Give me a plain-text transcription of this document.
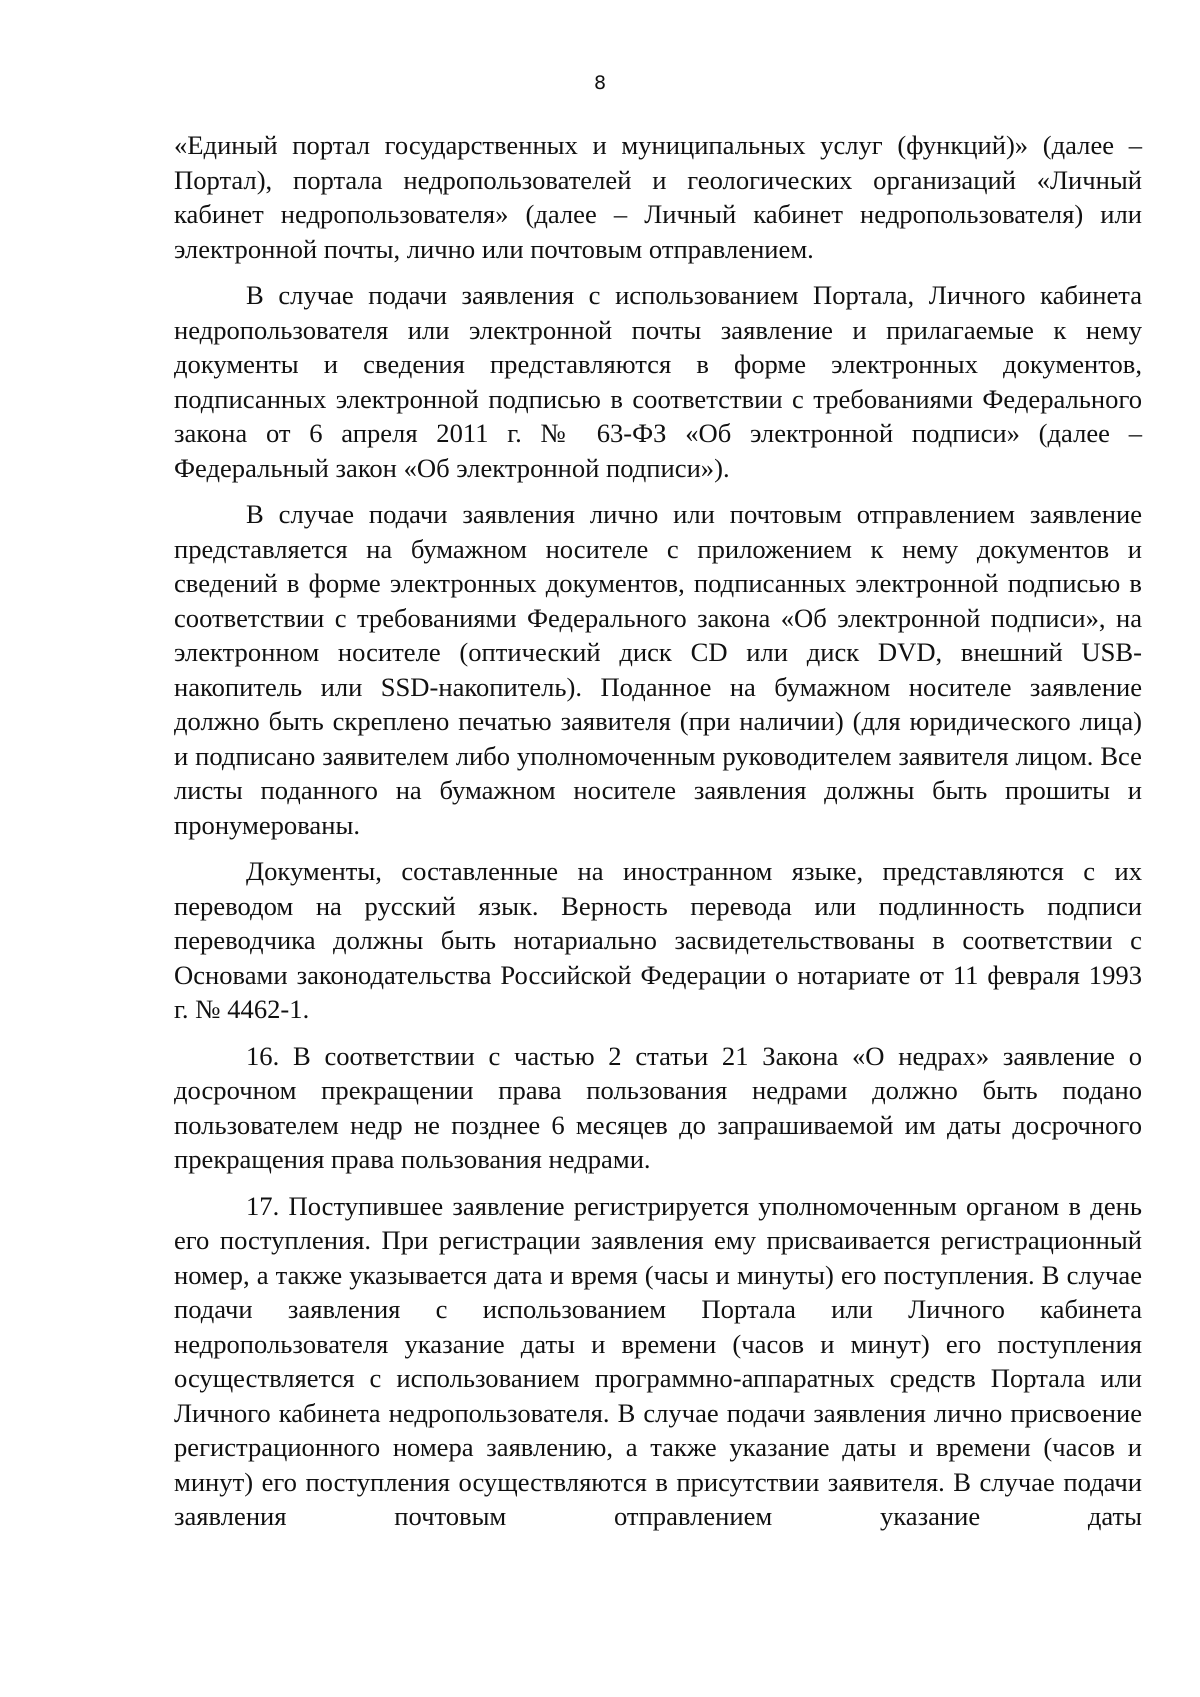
8

«Единый портал государственных и муниципальных услуг (функций)» (далее – Портал), портала недропользователей и геологических организаций «Личный кабинет недропользователя» (далее – Личный кабинет недропользователя) или электронной почты, лично или почтовым отправлением.

В случае подачи заявления с использованием Портала, Личного кабинета недропользователя или электронной почты заявление и прилагаемые к нему документы и сведения представляются в форме электронных документов, подписанных электронной подписью в соответствии с требованиями Федерального закона от 6 апреля 2011 г. № 63-ФЗ «Об электронной подписи» (далее – Федеральный закон «Об электронной подписи»).

В случае подачи заявления лично или почтовым отправлением заявление представляется на бумажном носителе с приложением к нему документов и сведений в форме электронных документов, подписанных электронной подписью в соответствии с требованиями Федерального закона «Об электронной подписи», на электронном носителе (оптический диск CD или диск DVD, внешний USB-накопитель или SSD-накопитель). Поданное на бумажном носителе заявление должно быть скреплено печатью заявителя (при наличии) (для юридического лица) и подписано заявителем либо уполномоченным руководителем заявителя лицом. Все листы поданного на бумажном носителе заявления должны быть прошиты и пронумерованы.

Документы, составленные на иностранном языке, представляются с их переводом на русский язык. Верность перевода или подлинность подписи переводчика должны быть нотариально засвидетельствованы в соответствии с Основами законодательства Российской Федерации о нотариате от 11 февраля 1993 г. № 4462-1.

16. В соответствии с частью 2 статьи 21 Закона «О недрах» заявление о досрочном прекращении права пользования недрами должно быть подано пользователем недр не позднее 6 месяцев до запрашиваемой им даты досрочного прекращения права пользования недрами.

17. Поступившее заявление регистрируется уполномоченным органом в день его поступления. При регистрации заявления ему присваивается регистрационный номер, а также указывается дата и время (часы и минуты) его поступления. В случае подачи заявления с использованием Портала или Личного кабинета недропользователя указание даты и времени (часов и минут) его поступления осуществляется с использованием программно-аппаратных средств Портала или Личного кабинета недропользователя. В случае подачи заявления лично присвоение регистрационного номера заявлению, а также указание даты и времени (часов и минут) его поступления осуществляются в присутствии заявителя. В случае подачи заявления почтовым отправлением указание даты
